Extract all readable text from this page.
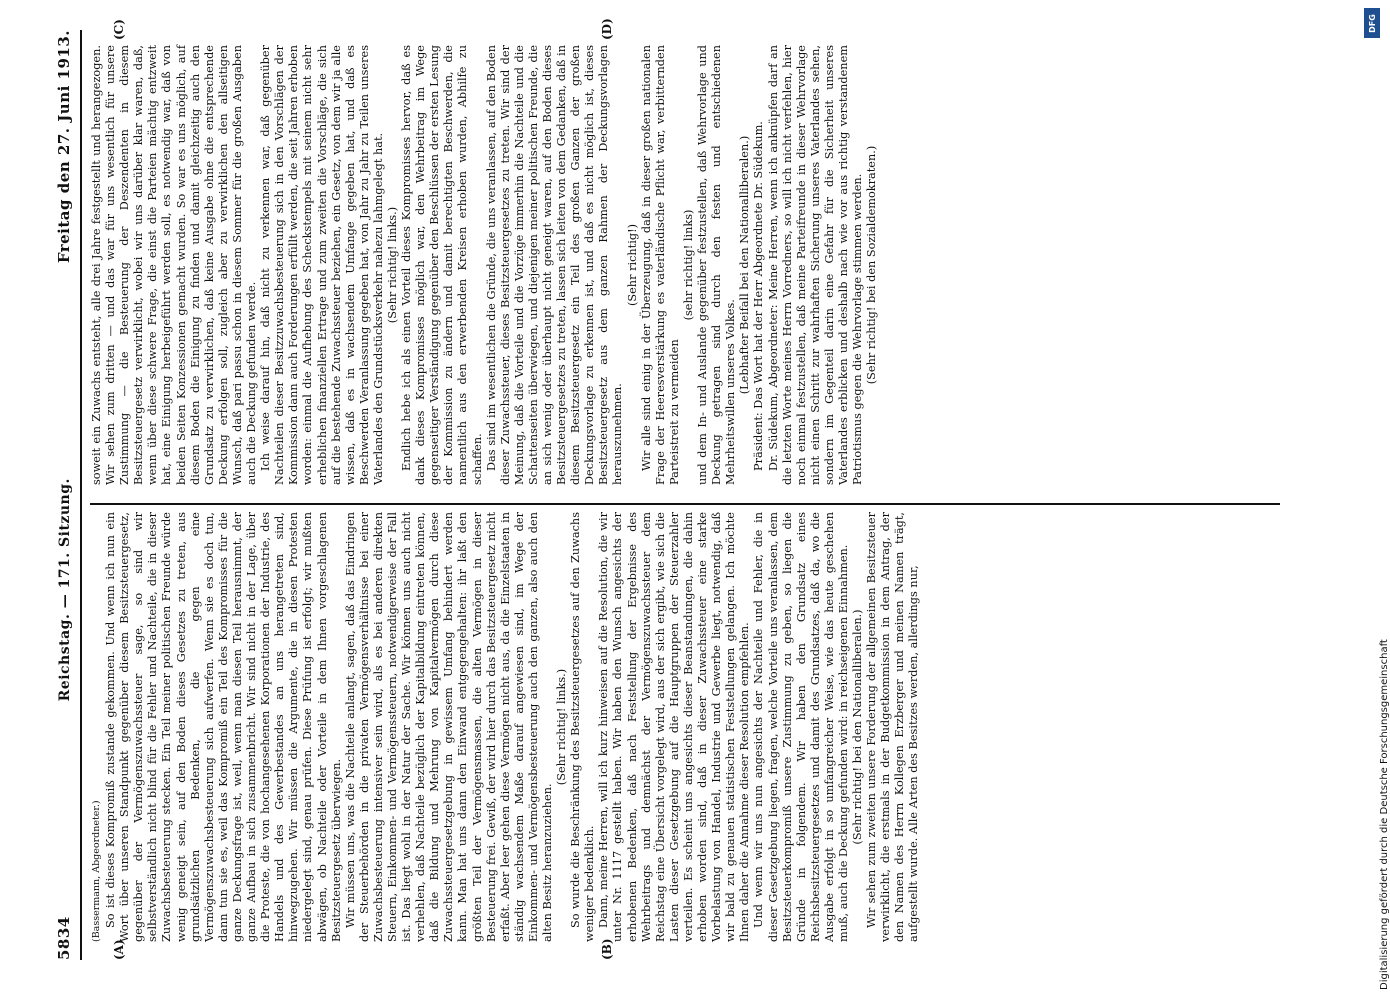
5834
Reichstag. — 171. Sitzung.
Freitag den 27. Juni 1913.
(A)	(B)
(C)	(D)

(Bassermann, Abgeordneter.) So ist dieses Kompromiß zustande gekommen. Und wenn ich nun ein Wort über unseren Standpunkt gegenüber diesem Besitzsteuergesetz, gegenüber der Vermögenszuwachssteuer sage, so sind wir selbstverständlich nicht blind für die Fehler und Nachteile, die in dieser Zuwachsbesteuerung stecken. Ein Teil meiner politischen Freunde würde wenig geneigt sein, auf den Boden dieses Gesetzes zu treten, aus grundsätzlichen Bedenken, die gegen eine Vermögenszuwachsbesteuerung sich aufwerfen. Wenn sie es doch tun, dann tun sie es, weil das Kompromiß ein Teil des Kompromisses für die ganze Deckungsfrage ist, weil, wenn man diesen Teil herausnimmt, der ganze Aufbau in sich zusammenbricht. Wir sind nicht in der Lage, über die Proteste, die von hochangesehenen Korporationen der Industrie, des Handels und des Gewerbestandes an uns herangetreten sind, hinwegzugehen. Wir müssen die Argumente, die in diesen Protesten niedergelegt sind, genau prüfen. Diese Prüfung ist erfolgt; wir mußten abwägen, ob Nachteile oder Vorteile in dem Ihnen vorgeschlagenen Besitzsteuergesetz überwiegen. Wir müssen uns, was die Nachteile anlangt, sagen, daß das Eindringen der Steuerbehörden in die privaten Vermögensverhältnisse bei einer Zuwachsbesteuerung intensiver sein wird, als es bei anderen direkten Steuern, Einkommen- und Vermögenssteuern, notwendigerweise der Fall ist. Das liegt wohl in der Natur der Sache. Wir können uns auch nicht verhehlen, daß Nachteile bezüglich der Kapitalbildung eintreten können, daß die Bildung und Mehrung von Kapitalvermögen durch diese Zuwachssteuergesetzgebung in gewissem Umfang behindert werden kann. Man hat uns dann den Einwand entgegengehalten: ihr laßt den größten Teil der Vermögensmassen, die alten Vermögen in dieser Besteuerung frei. Gewiß, der wird hier durch das Besitzsteuergesetz nicht erfaßt. Aber leer gehen diese Vermögen nicht aus, da die Einzelstaaten in ständig wachsendem Maße darauf angewiesen sind, im Wege der Einkommen- und Vermögensbesteuerung auch den ganzen, also auch den alten Besitz heranzuziehen.

(Sehr richtig! links.) So wurde die Beschränkung des Besitzsteuergesetzes auf den Zuwachs weniger bedenklich. Dann, meine Herren, will ich kurz hinweisen auf die Resolution, die wir unter Nr. 1117 gestellt haben. Wir haben den Wunsch angesichts der erhobenen Bedenken, daß nach Feststellung der Ergebnisse des Wehrbeitrags und demnächst der Vermögenszuwachssteuer dem Reichstag eine Übersicht vorgelegt wird, aus der sich ergibt, wie sich die Lasten dieser Gesetzgebung auf die Hauptgruppen der Steuerzahler verteilen. Es scheint uns angesichts dieser Beanstandungen, die dahin erhoben worden sind, daß in dieser Zuwachssteuer eine starke Vorbelastung von Handel, Industrie und Gewerbe liegt, notwendig, daß wir bald zu genauen statistischen Feststellungen gelangen. Ich möchte Ihnen daher die Annahme dieser Resolution empfehlen. Und wenn wir uns nun angesichts der Nachteile und Fehler, die in dieser Gesetzgebung liegen, fragen, welche Vorteile uns veranlassen, dem Besitzsteuerkompromiß unsere Zustimmung zu geben, so liegen die Gründe in folgendem. Wir haben den Grundsatz eines Reichsbesitzsteuergesetzes und damit des Grundsatzes, daß da, wo die Ausgabe erfolgt in so umfangreicher Weise, wie das heute geschehen muß, auch die Deckung gefunden wird: in reichseigenen Einnahmen. (Sehr richtig! bei den Nationalliberalen.) Wir sehen zum zweiten unsere Forderung der allgemeinen Besitzsteuer verwirklicht, die erstmals in der Budgetkommission in dem Antrag, der den Namen des Herrn Kollegen Erzberger und meinen Namen trägt, aufgestellt wurde. Alle Arten des Besitzes werden, allerdings nur,

soweit ein Zuwachs entsteht, alle drei Jahre festgestellt und herangezogen. Wir sehen zum dritten — und das war für uns wesentlich für unsere Zustimmung — die Besteuerung der Deszendenten in diesem Besitzsteuergesetz verwirklicht, wobei wir uns darüber klar waren, daß, wenn über diese schwere Frage, die einst die Parteien mächtig entzweit hat, eine Einigung herbeigeführt werden soll, es notwendig war, daß von beiden Seiten Konzessionen gemacht wurden. So war es uns möglich, auf diesem Boden die Einigung zu finden und damit gleichzeitig auch den Grundsatz zu verwirklichen, daß keine Ausgabe ohne die entsprechende Deckung erfolgen soll, zugleich aber zu verwirklichen den allseitigen Wunsch, daß pari passu schon in diesem Sommer für die großen Ausgaben auch die Deckung gefunden werde. Ich weise darauf hin, daß nicht zu verkennen war, daß gegenüber Nachteilen dieser Besitzzuwachsbesteuerung sich in den Vorschlägen der Kommission dann auch Forderungen erfüllt werden, die seit Jahren erhoben worden: einmal die Aufhebung des Scheckstempels mit seinem nicht sehr erheblichen finanziellen Ertrage und zum zweiten die Vorschläge, die sich auf die bestehende Zuwachssteuer beziehen, ein Gesetz, von dem wir ja alle wissen, daß es in wachsendem Umfange gegeben hat, und daß es Beschwerden Veranlassung gegeben hat, von Jahr zu Jahr zu Teilen unseres Vaterlandes den Grundstücksverkehr nahezu lahmgelegt hat. (Sehr richtig! links.) Endlich hebe ich als einen Vorteil dieses Kompromisses hervor, daß es dank dieses Kompromisses möglich war, den Wehrbeitrag im Wege gegenseitiger Verständigung gegenüber den Beschlüssen der ersten Lesung der Kommission zu ändern und damit berechtigten Beschwerden, die namentlich aus den erwerbenden Kreisen erhoben wurden, Abhilfe zu schaffen. Das sind im wesentlichen die Gründe, die uns veranlassen, auf den Boden dieser Zuwachssteuer, dieses Besitzsteuergesetzes zu treten. Wir sind der Meinung, daß die Vorteile und die Vorzüge immerhin die Nachteile und die Schattenseiten überwiegen, und diejenigen meiner politischen Freunde, die an sich wenig oder überhaupt nicht geneigt waren, auf den Boden dieses Besitzsteuergesetzes zu treten, lassen sich leiten von dem Gedanken, daß in diesem Besitzsteuergesetz ein Teil des großen Ganzen der großen Deckungsvorlage zu erkennen ist, und daß es nicht möglich ist, dieses Besitzsteuergesetz aus dem ganzen Rahmen der Deckungsvorlagen herauszunehmen.

(Sehr richtig!) Wir alle sind einig in der Überzeugung, daß in dieser großen nationalen Frage der Heeresverstärkung es vaterländische Pflicht war, verbitternden Parteistreit zu vermeiden

(sehr richtig! links) und dem In- und Auslande gegenüber festzustellen, daß Wehrvorlage und Deckung getragen sind durch den festen und entschiedenen Mehrheitswillen unseres Volkes. (Lebhafter Beifall bei den Nationalliberalen.) Präsident: Das Wort hat der Herr Abgeordnete Dr. Südekum. Dr. Südekum, Abgeordneter: Meine Herren, wenn ich anknüpfen darf an die letzten Worte meines Herrn Vorredners, so will ich nicht verfehlen, hier noch einmal festzustellen, daß meine Parteifreunde in dieser Wehrvorlage nicht einen Schritt zur wahrhaften Sicherung unseres Vaterlandes sehen, sondern im Gegenteil darin eine Gefahr für die Sicherheit unseres Vaterlandes erblicken und deshalb nach wie vor aus richtig verstandenem Patriotismus gegen die Wehrvorlage stimmen werden. (Sehr richtig! bei den Sozialdemokraten.)

DFG
Digitalisierung gefördert durch die Deutsche Forschungsgemeinschaft
